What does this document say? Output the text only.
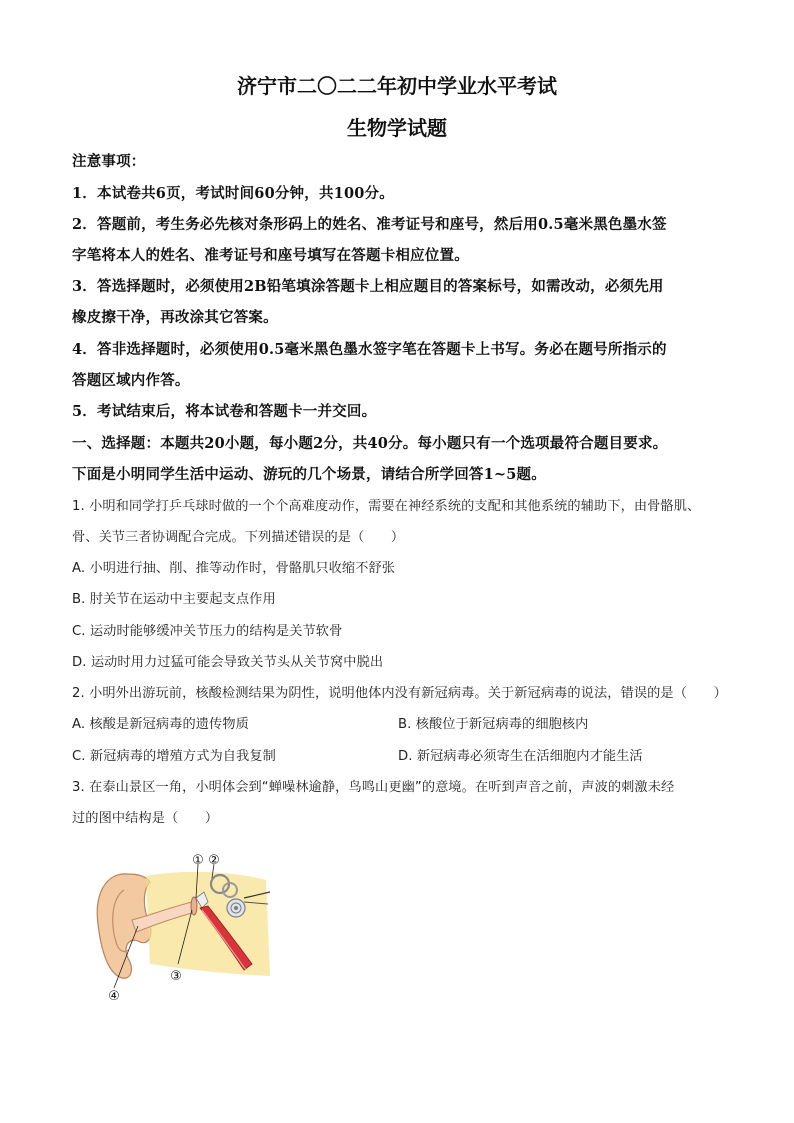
济宁市二〇二二年初中学业水平考试
生物学试题
注意事项：
1．本试卷共6页，考试时间60分钟，共100分。
2．答题前，考生务必先核对条形码上的姓名、准考证号和座号，然后用0.5毫米黑色墨水签
字笔将本人的姓名、准考证号和座号填写在答题卡相应位置。
3．答选择题时，必须使用2B铅笔填涂答题卡上相应题目的答案标号，如需改动，必须先用
橡皮擦干净，再改涂其它答案。
4．答非选择题时，必须使用0.5毫米黑色墨水签字笔在答题卡上书写。务必在题号所指示的
答题区域内作答。
5．考试结束后，将本试卷和答题卡一并交回。
一、选择题：本题共20小题，每小题2分，共40分。每小题只有一个选项最符合题目要求。
下面是小明同学生活中运动、游玩的几个场景，请结合所学回答1~5题。
1. 小明和同学打乒乓球时做的一个个高难度动作，需要在神经系统的支配和其他系统的辅助下，由骨骼肌、
骨、关节三者协调配合完成。下列描述错误的是（　　）
A. 小明进行抽、削、推等动作时，骨骼肌只收缩不舒张
B. 肘关节在运动中主要起支点作用
C. 运动时能够缓冲关节压力的结构是关节软骨
D. 运动时用力过猛可能会导致关节头从关节窝中脱出
2. 小明外出游玩前，核酸检测结果为阴性，说明他体内没有新冠病毒。关于新冠病毒的说法，错误的是（　　）
A. 核酸是新冠病毒的遗传物质	B. 核酸位于新冠病毒的细胞核内
C. 新冠病毒的增殖方式为自我复制	D. 新冠病毒必须寄生在活细胞内才能生活
3. 在泰山景区一角，小明体会到“蝉噪林逾静，鸟鸣山更幽”的意境。在听到声音之前，声波的刺激未经
过的图中结构是（　　）
① ②
③
④
